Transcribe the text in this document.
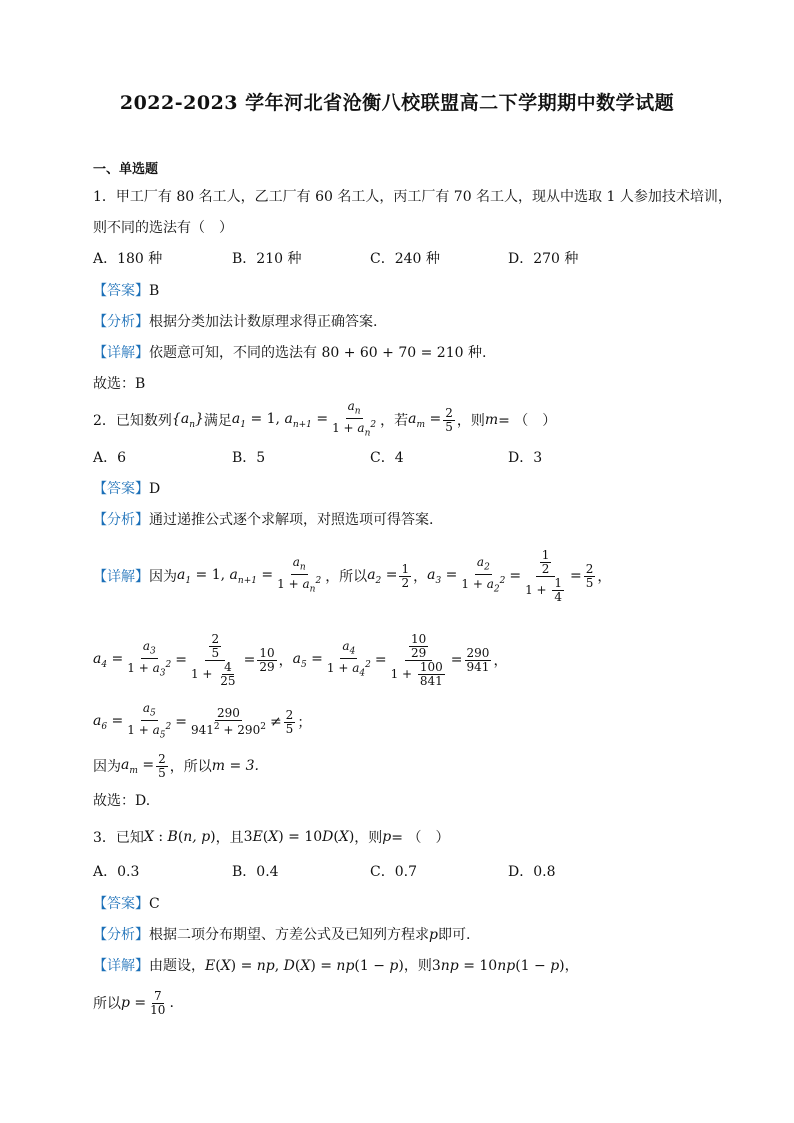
2022-2023 学年河北省沧衡八校联盟高二下学期期中数学试题
一、单选题
1．甲工厂有 80 名工人，乙工厂有 60 名工人，丙工厂有 70 名工人，现从中选取 1 人参加技术培训，
则不同的选法有（　）
A．180 种	B．210 种	C．240 种	D．270 种
【答案】B
【分析】根据分类加法计数原理求得正确答案.
【详解】依题意可知，不同的选法有 80 + 60 + 70 = 210 种.
故选：B
2．已知数列 $\{a_n\}$ 满足 $a_1 = 1$, $a_{n+1} = \frac{a_n}{1 + a_n^2}$ ，若 $a_m = \frac{2}{5}$ ，则 m = （　）
A．6	B．5	C．4	D．3
【答案】D
【分析】通过递推公式逐个求解项，对照选项可得答案.
【详解】 因为 $a_1 = 1$, $a_{n+1} = \frac{a_n}{1 + a_n^2}$ ，所以 $a_2 = \frac{1}{2}$ ， $a_3 = \frac{a_2}{1 + a_2^2} = \frac{\frac{1}{2}}{1 + \frac{1}{4}} = \frac{2}{5}$ ，
$a_4 = \frac{a_3}{1 + a_3^2} = \frac{\frac{2}{5}}{1 + \frac{4}{25}} = \frac{10}{29}$ ， $a_5 = \frac{a_4}{1 + a_4^2} = \frac{\frac{10}{29}}{1 + \frac{100}{841}} = \frac{290}{941}$ ，
$a_6 = \frac{a_5}{1 + a_5^2} = \frac{290}{941^2 + 290^2} \ne \frac{2}{5}$ ；
因为 $a_m = \frac{2}{5}$ ，所以 m = 3.
故选：D.
3．已知 X : B(n, p) ，且 3E(X) = 10D(X) ，则 p = （　）
A．0.3	B．0.4	C．0.7	D．0.8
【答案】C
【分析】根据二项分布期望、方差公式及已知列方程求p即可.
【详解】由题设，E(X) = np, D(X) = np(1 − p)，则3np = 10np(1 − p)，
所以 $p = \frac{7}{10}$ .
